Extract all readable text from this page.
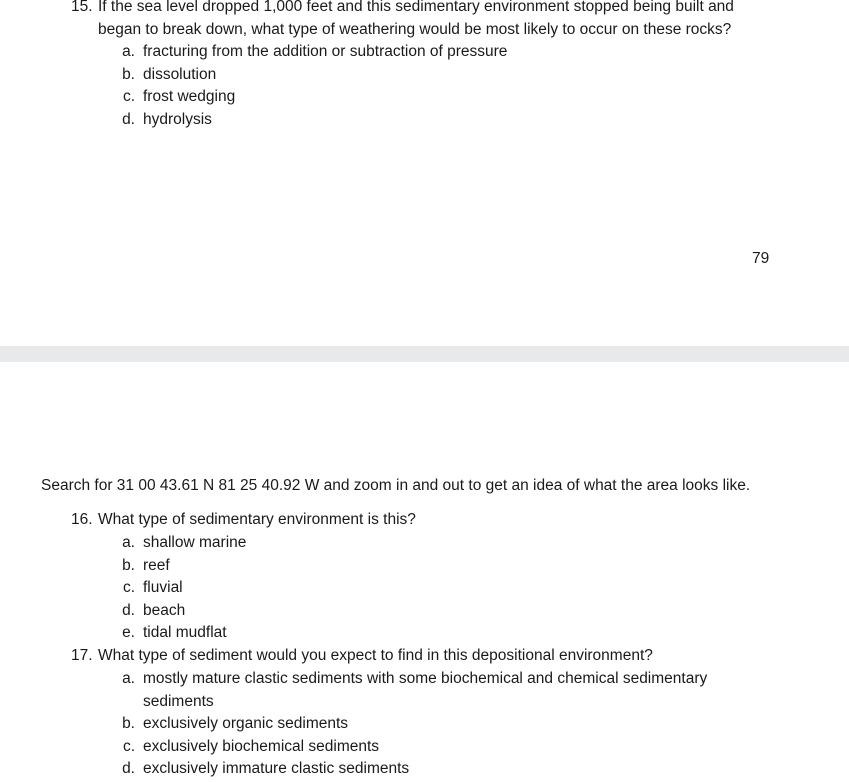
15. If the sea level dropped 1,000 feet and this sedimentary environment stopped being built and
began to break down, what type of weathering would be most likely to occur on these rocks?
a. fracturing from the addition or subtraction of pressure
b. dissolution
c. frost wedging
d. hydrolysis
79
Search for 31 00 43.61 N 81 25 40.92 W and zoom in and out to get an idea of what the area looks like.
16. What type of sedimentary environment is this?
a. shallow marine
b. reef
c. fluvial
d. beach
e. tidal mudflat
17. What type of sediment would you expect to find in this depositional environment?
a. mostly mature clastic sediments with some biochemical and chemical sedimentary
sediments
b. exclusively organic sediments
c. exclusively biochemical sediments
d. exclusively immature clastic sediments
